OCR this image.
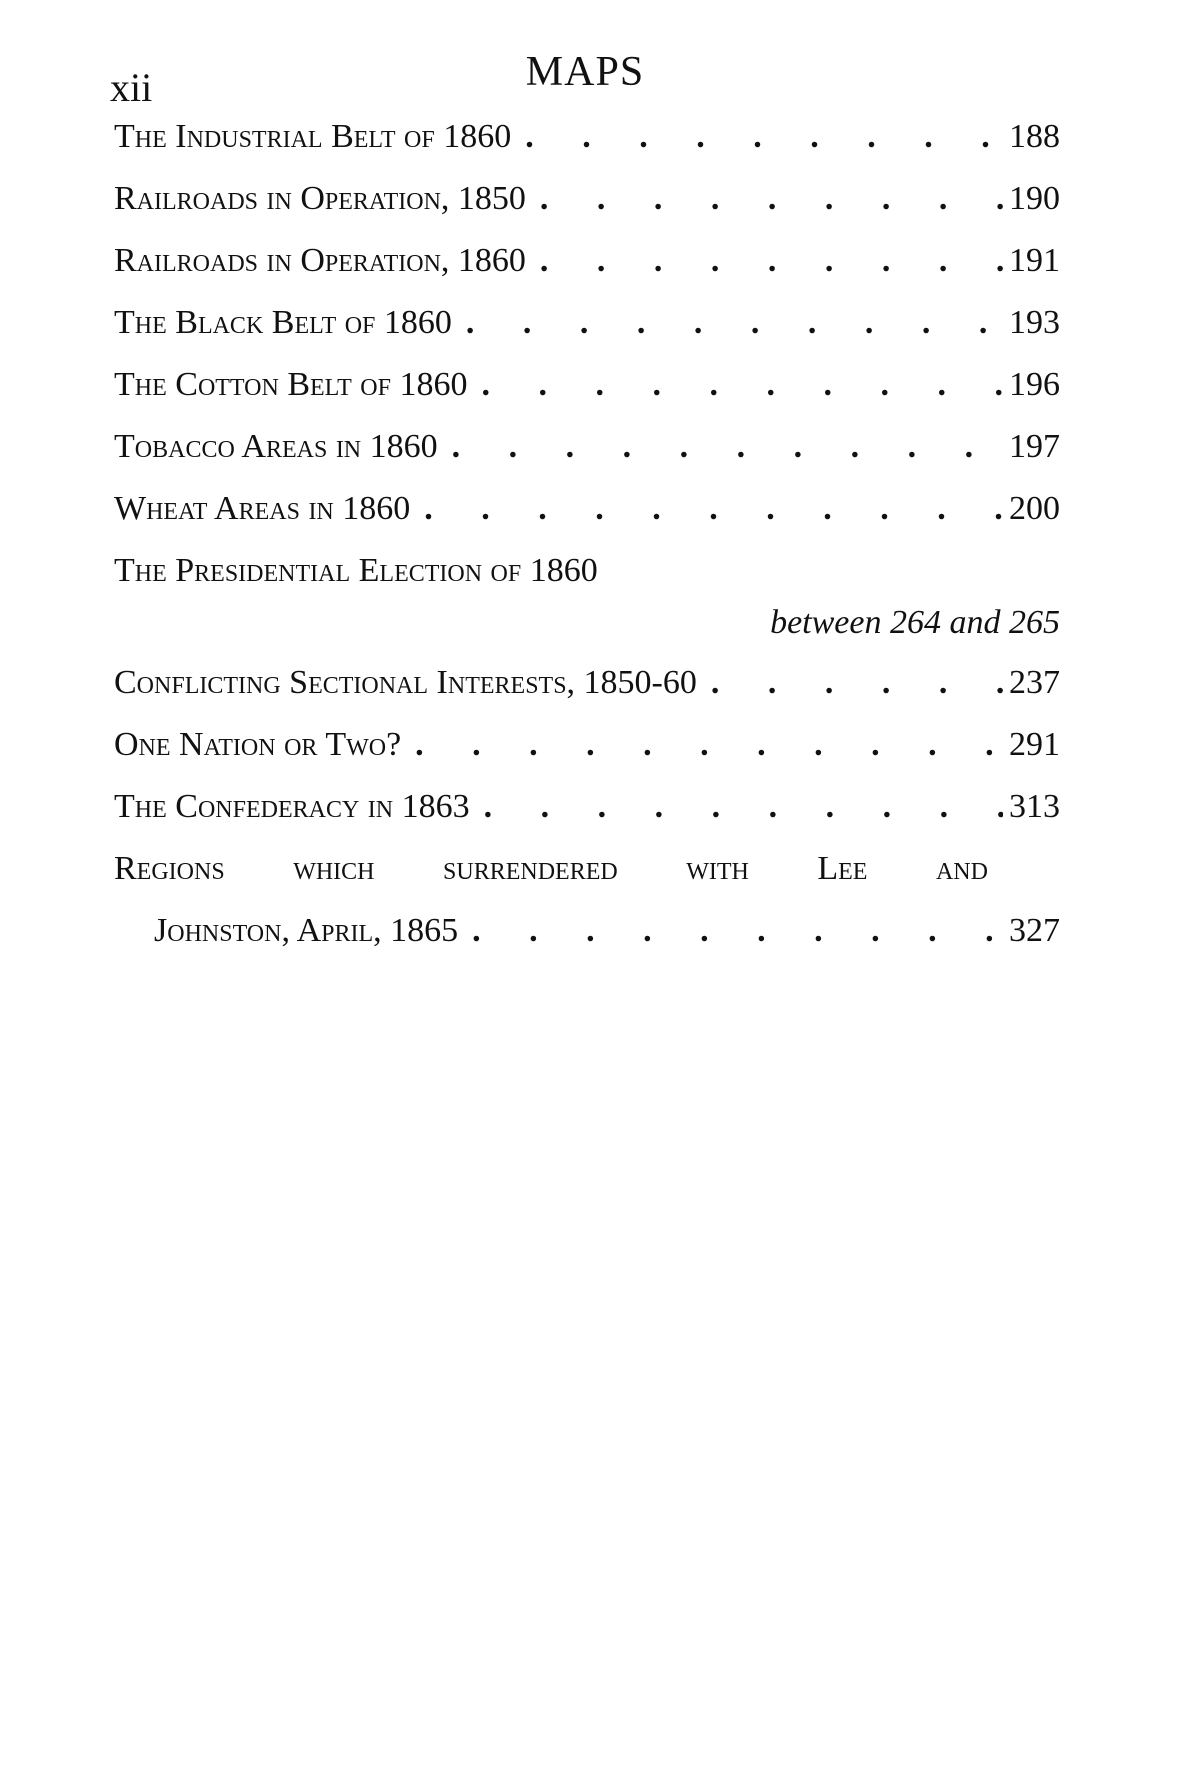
xii	MAPS
The Industrial Belt of 1860 . . .	188
Railroads in Operation, 1850 . . .	190
Railroads in Operation, 1860 . . .	191
The Black Belt of 1860 . . .	193
The Cotton Belt of 1860 . . .	196
Tobacco Areas in 1860 . . .	197
Wheat Areas in 1860 . . .	200
The Presidential Election of 1860
between 264 and 265
Conflicting Sectional Interests, 1850-60 . . .	237
One Nation or Two? . . .	291
The Confederacy in 1863 . . .	313
Regions which surrendered with Lee and
Johnston, April, 1865 . . .	327
